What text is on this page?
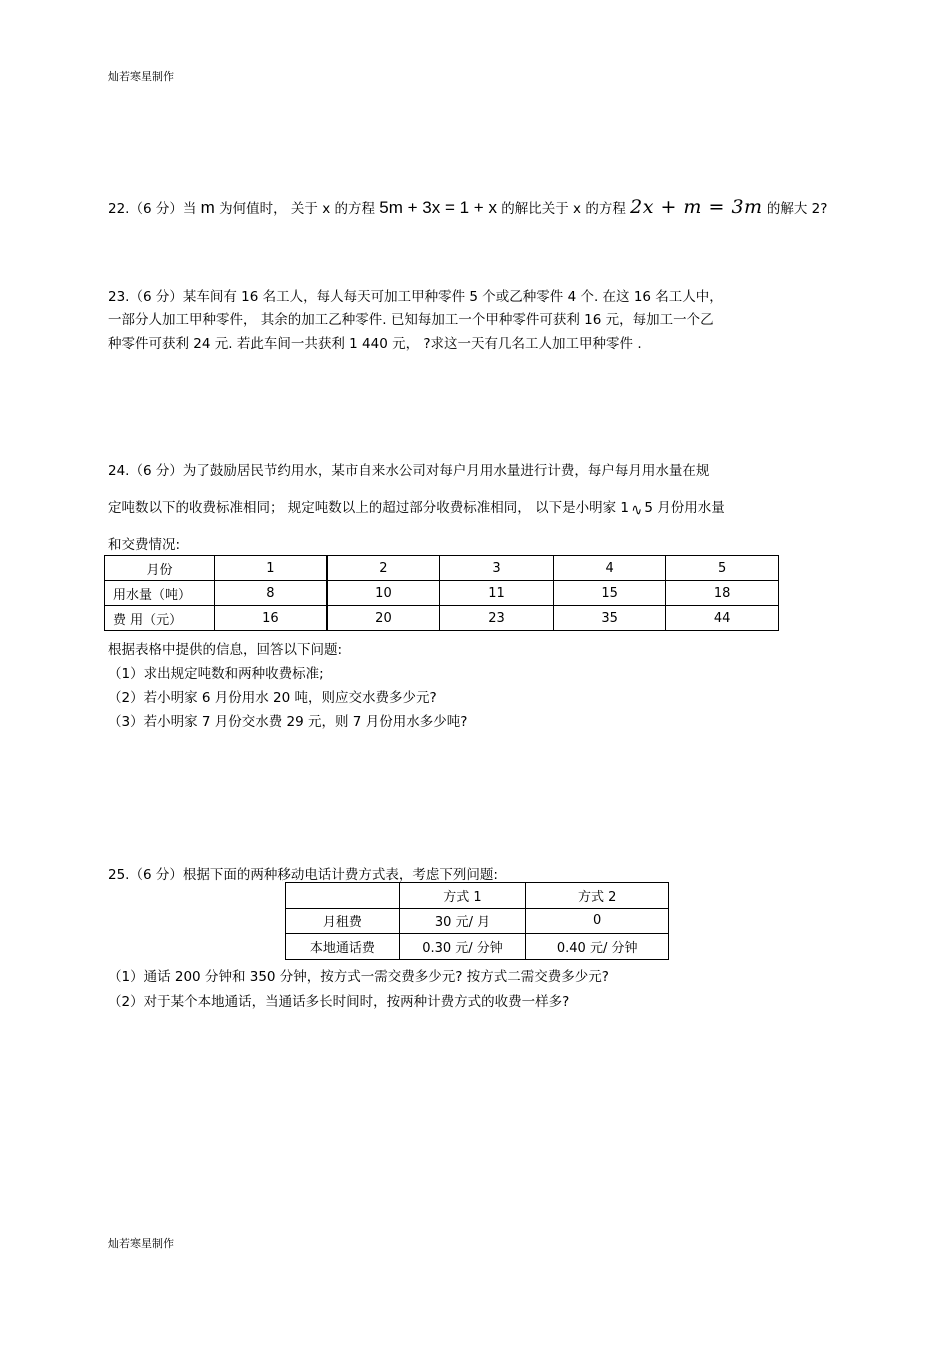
灿若寒星制作
22.（6 分）当 m 为何值时， 关于 x 的方程 5m + 3x = 1 + x 的解比关于 x 的方程 2x + m = 3m 的解大 2?
23.（6 分）某车间有 16 名工人，每人每天可加工甲种零件 5 个或乙种零件 4 个. 在这 16 名工人中，
一部分人加工甲种零件， 其余的加工乙种零件. 已知每加工一个甲种零件可获利 16 元，每加工一个乙
种零件可获利 24 元. 若此车间一共获利 1 440 元， ?求这一天有几名工人加工甲种零件 .
24.（6 分）为了鼓励居民节约用水，某市自来水公司对每户月用水量进行计费，每户每月用水量在规
定吨数以下的收费标准相同； 规定吨数以上的超过部分收费标准相同， 以下是小明家 1 ∿ 5 月份用水量
和交费情况:
月份	1	2	3	4	5
用水量（吨）	8	10	11	15	18
费 用（元）	16	20	23	35	44
根据表格中提供的信息，回答以下问题:
（1）求出规定吨数和两种收费标准;
（2）若小明家 6 月份用水 20 吨，则应交水费多少元?
（3）若小明家 7 月份交水费 29 元，则 7 月份用水多少吨?
25.（6 分）根据下面的两种移动电话计费方式表，考虑下列问题:
	方式 1	方式 2
月租费	30 元/ 月	0
本地通话费	0.30 元/ 分钟	0.40 元/ 分钟
（1）通话 200 分钟和 350 分钟，按方式一需交费多少元? 按方式二需交费多少元?
（2）对于某个本地通话，当通话多长时间时，按两种计费方式的收费一样多?
灿若寒星制作
